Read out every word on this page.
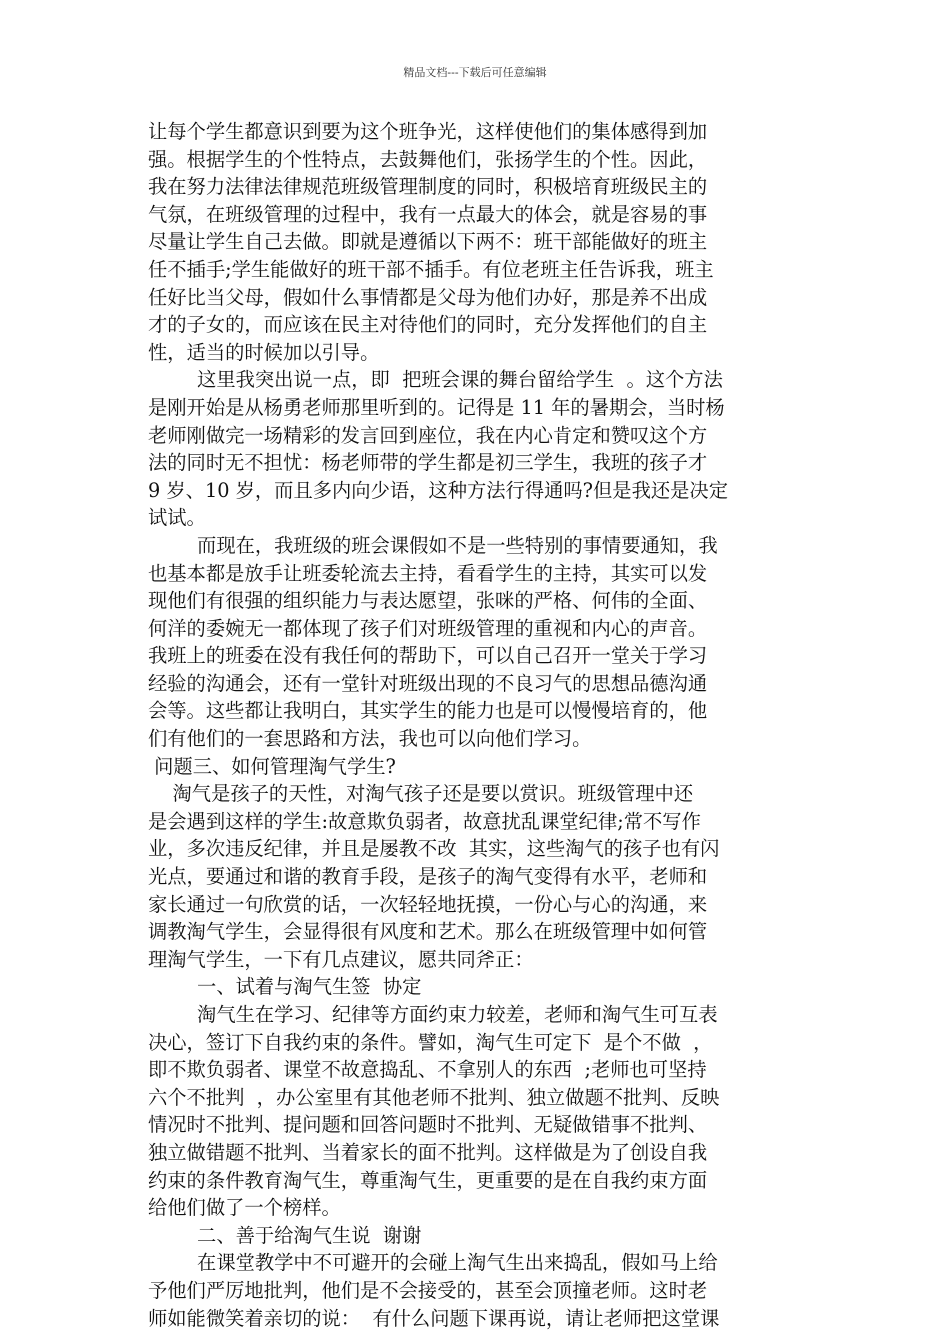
精品文档---下载后可任意编辑
让每个学生都意识到要为这个班争光，这样使他们的集体感得到加
强。根据学生的个性特点，去鼓舞他们，张扬学生的个性。因此，
我在努力法律法律规范班级管理制度的同时，积极培育班级民主的
气氛，在班级管理的过程中，我有一点最大的体会，就是容易的事
尽量让学生自己去做。即就是遵循以下两不：班干部能做好的班主
任不插手;学生能做好的班干部不插手。有位老班主任告诉我，班主
任好比当父母，假如什么事情都是父母为他们办好，那是养不出成
才的子女的，而应该在民主对待他们的同时，充分发挥他们的自主
性，适当的时候加以引导。
这里我突出说一点，即  把班会课的舞台留给学生  。这个方法
是刚开始是从杨勇老师那里听到的。记得是 11 年的暑期会，当时杨
老师刚做完一场精彩的发言回到座位，我在内心肯定和赞叹这个方
法的同时无不担忧：杨老师带的学生都是初三学生，我班的孩子才
9 岁、10 岁，而且多内向少语，这种方法行得通吗?但是我还是决定
试试。
而现在，我班级的班会课假如不是一些特别的事情要通知，我
也基本都是放手让班委轮流去主持，看看学生的主持，其实可以发
现他们有很强的组织能力与表达愿望，张咪的严格、何伟的全面、
何洋的委婉无一都体现了孩子们对班级管理的重视和内心的声音。
我班上的班委在没有我任何的帮助下，可以自己召开一堂关于学习
经验的沟通会，还有一堂针对班级出现的不良习气的思想品德沟通
会等。这些都让我明白，其实学生的能力也是可以慢慢培育的，他
们有他们的一套思路和方法，我也可以向他们学习。
问题三、如何管理淘气学生?
淘气是孩子的天性，对淘气孩子还是要以赏识。班级管理中还
是会遇到这样的学生:故意欺负弱者，故意扰乱课堂纪律;常不写作
业，多次违反纪律，并且是屡教不改  其实，这些淘气的孩子也有闪
光点，要通过和谐的教育手段，是孩子的淘气变得有水平，老师和
家长通过一句欣赏的话，一次轻轻地抚摸，一份心与心的沟通，来
调教淘气学生，会显得很有风度和艺术。那么在班级管理中如何管
理淘气学生，一下有几点建议，愿共同斧正：
一、试着与淘气生签  协定
淘气生在学习、纪律等方面约束力较差，老师和淘气生可互表
决心，签订下自我约束的条件。譬如，淘气生可定下  是个不做  ，
即不欺负弱者、课堂不故意捣乱、不拿别人的东西  ;老师也可坚持
六个不批判  ，办公室里有其他老师不批判、独立做题不批判、反映
情况时不批判、提问题和回答问题时不批判、无疑做错事不批判、
独立做错题不批判、当着家长的面不批判。这样做是为了创设自我
约束的条件教育淘气生，尊重淘气生，更重要的是在自我约束方面
给他们做了一个榜样。
二、善于给淘气生说  谢谢
在课堂教学中不可避开的会碰上淘气生出来捣乱，假如马上给
予他们严厉地批判，他们是不会接受的，甚至会顶撞老师。这时老
师如能微笑着亲切的说：  有什么问题下课再说，请让老师把这堂课
